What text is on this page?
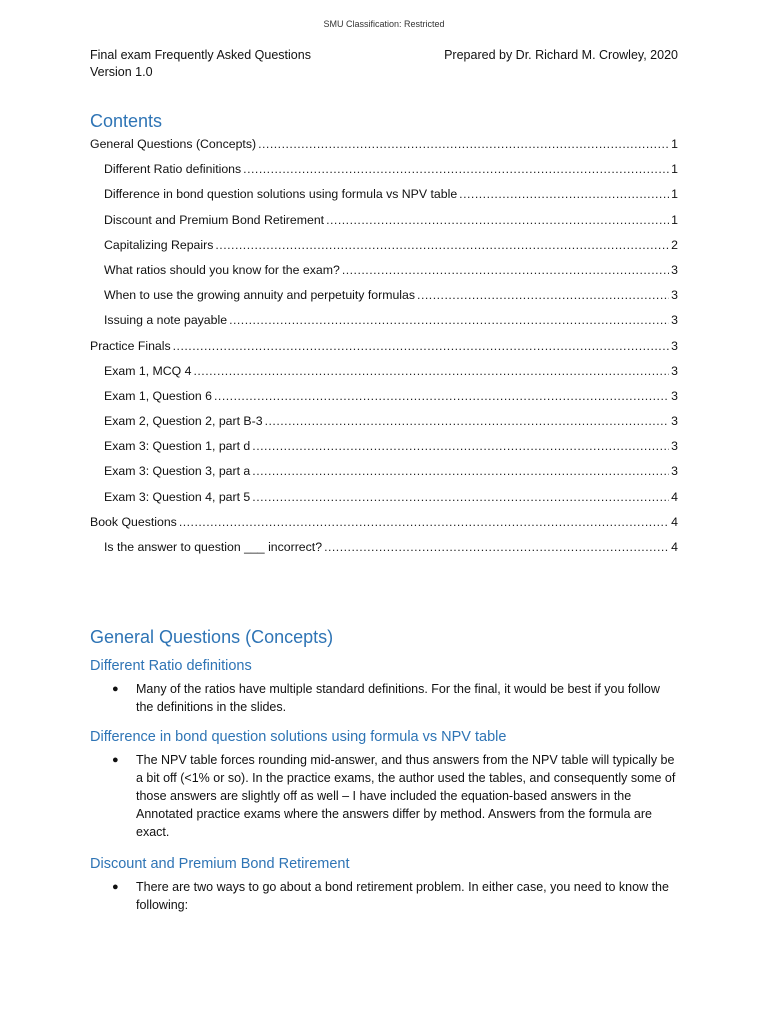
SMU Classification: Restricted
Final exam Frequently Asked Questions
Version 1.0
Prepared by Dr. Richard M. Crowley, 2020
Contents
General Questions (Concepts) .....	1
Different Ratio definitions .....	1
Difference in bond question solutions using formula vs NPV table .....	1
Discount and Premium Bond Retirement .....	1
Capitalizing Repairs .....	2
What ratios should you know for the exam? .....	3
When to use the growing annuity and perpetuity formulas .....	3
Issuing a note payable .....	3
Practice Finals .....	3
Exam 1, MCQ 4 .....	3
Exam 1, Question 6 .....	3
Exam 2, Question 2, part B-3 .....	3
Exam 3: Question 1, part d .....	3
Exam 3: Question 3, part a .....	3
Exam 3: Question 4, part 5 .....	4
Book Questions .....	4
Is the answer to question ___ incorrect? .....	4
General Questions (Concepts)
Different Ratio definitions
●	Many of the ratios have multiple standard definitions. For the final, it would be best if you follow the definitions in the slides.
Difference in bond question solutions using formula vs NPV table
●	The NPV table forces rounding mid-answer, and thus answers from the NPV table will typically be a bit off (<1% or so). In the practice exams, the author used the tables, and consequently some of those answers are slightly off as well – I have included the equation-based answers in the Annotated practice exams where the answers differ by method. Answers from the formula are exact.
Discount and Premium Bond Retirement
●	There are two ways to go about a bond retirement problem. In either case, you need to know the following:
